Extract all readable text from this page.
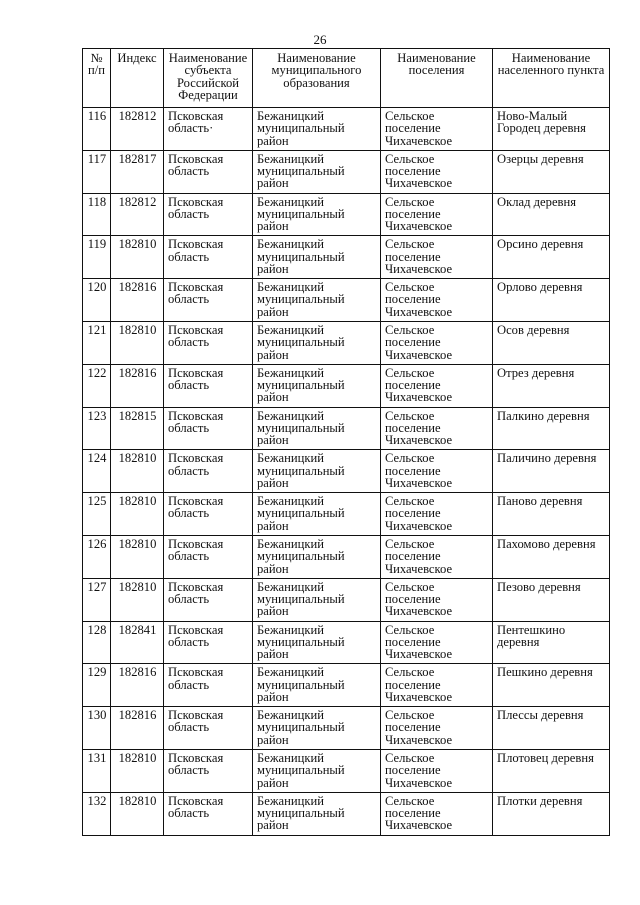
26
№ п/п	Индекс	Наименование субъекта Российской Федерации	Наименование муниципального образования	Наименование поселения	Наименование населенного пункта
116	182812	Псковская область·	Бежаницкий муниципальный район	Сельское поселение Чихачевское	Ново-Малый Городец деревня
117	182817	Псковская область	Бежаницкий муниципальный район	Сельское поселение Чихачевское	Озерцы деревня
118	182812	Псковская область	Бежаницкий муниципальный район	Сельское поселение Чихачевское	Оклад деревня
119	182810	Псковская область	Бежаницкий муниципальный район	Сельское поселение Чихачевское	Орсино деревня
120	182816	Псковская область	Бежаницкий муниципальный район	Сельское поселение Чихачевское	Орлово деревня
121	182810	Псковская область	Бежаницкий муниципальный район	Сельское поселение Чихачевское	Осов деревня
122	182816	Псковская область	Бежаницкий муниципальный район	Сельское поселение Чихачевское	Отрез деревня
123	182815	Псковская область	Бежаницкий муниципальный район	Сельское поселение Чихачевское	Палкино деревня
124	182810	Псковская область	Бежаницкий муниципальный район	Сельское поселение Чихачевское	Паличино деревня
125	182810	Псковская область	Бежаницкий муниципальный район	Сельское поселение Чихачевское	Паново деревня
126	182810	Псковская область	Бежаницкий муниципальный район	Сельское поселение Чихачевское	Пахомово деревня
127	182810	Псковская область	Бежаницкий муниципальный район	Сельское поселение Чихачевское	Пезово деревня
128	182841	Псковская область	Бежаницкий муниципальный район	Сельское поселение Чихачевское	Пентешкино деревня
129	182816	Псковская область	Бежаницкий муниципальный район	Сельское поселение Чихачевское	Пешкино деревня
130	182816	Псковская область	Бежаницкий муниципальный район	Сельское поселение Чихачевское	Плессы деревня
131	182810	Псковская область	Бежаницкий муниципальный район	Сельское поселение Чихачевское	Плотовец деревня
132	182810	Псковская область	Бежаницкий муниципальный район	Сельское поселение Чихачевское	Плотки деревня
